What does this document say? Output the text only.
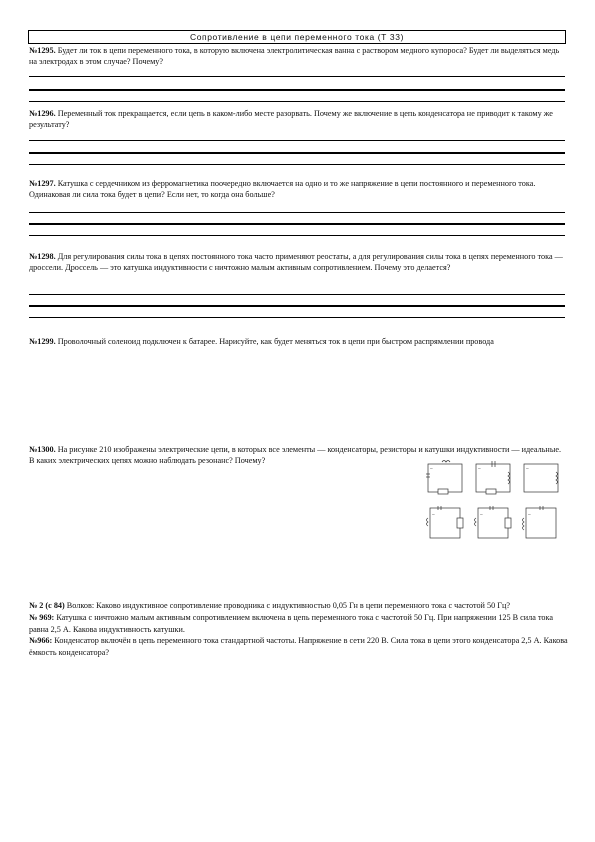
Сопротивление в цепи переменного тока (Т 33)
№1295. Будет ли ток в цепи переменного тока, в которую включена электролитическая ванна с раствором медного купороса? Будет ли выделяться медь на электродах в этом случае? Почему?
№1296. Переменный ток прекращается, если цепь в каком-либо месте разорвать. Почему же включение в цепь конденсатора не приводит к такому же результату?
№1297. Катушка с сердечником из ферромагнетика поочередно включается на одно и то же напряжение в цепи постоянного и переменного тока. Одинаковая ли сила тока будет в цепи? Если нет, то когда она больше?
№1298. Для регулирования силы тока в цепях постоянного тока часто применяют реостаты, а для регулирования силы тока в цепях переменного тока — дроссели. Дроссель — это катушка индуктивности с ничтожно малым активным сопротивлением. Почему это делается?
№1299. Проволочный соленоид подключен к батарее. Нарисуйте, как будет меняться ток в цепи при быстром распрямлении провода
№1300. На рисунке 210 изображены электрические цепи, в которых все элементы — конденсаторы, резисторы и катушки индуктивности — идеальные. В каких электрических цепях можно наблюдать резонанс? Почему?
~	~	~
~	~	~
№ 2 (с 84) Волков: Каково индуктивное сопротивление проводника с индуктивностью 0,05 Гн в цепи переменного тока с частотой 50 Гц?
№ 969: Катушка с ничтожно малым активным сопротивлением включена в цепь переменного тока с частотой 50 Гц. При напряжении 125 В сила тока равна 2,5 А. Какова индуктивность катушки.
№966: Конденсатор включён в цепь переменного тока стандартной частоты. Напряжение в сети 220 В. Сила тока в цепи этого конденсатора 2,5 А. Какова ёмкость конденсатора?
